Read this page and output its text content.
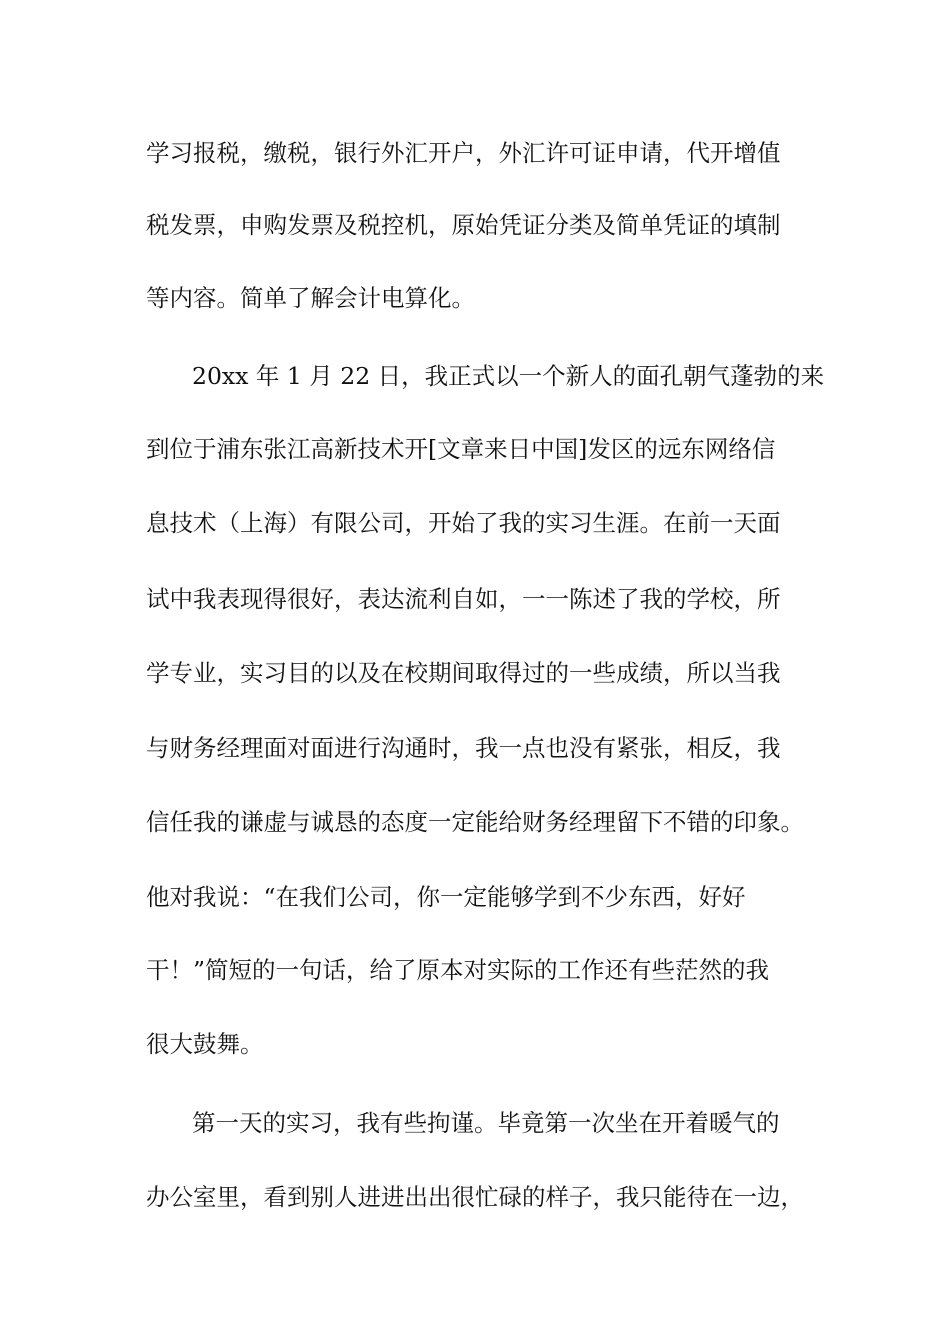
学习报税，缴税，银行外汇开户，外汇许可证申请，代开增值
税发票，申购发票及税控机，原始凭证分类及简单凭证的填制
等内容。简单了解会计电算化。
20xx 年 1 月 22 日，我正式以一个新人的面孔朝气蓬勃的来
到位于浦东张江高新技术开[文章来日中国]发区的远东网络信
息技术（上海）有限公司，开始了我的实习生涯。在前一天面
试中我表现得很好，表达流利自如，一一陈述了我的学校，所
学专业，实习目的以及在校期间取得过的一些成绩，所以当我
与财务经理面对面进行沟通时，我一点也没有紧张，相反，我
信任我的谦虚与诚恳的态度一定能给财务经理留下不错的印象。
他对我说：“在我们公司，你一定能够学到不少东西，好好
干！”简短的一句话，给了原本对实际的工作还有些茫然的我
很大鼓舞。
第一天的实习，我有些拘谨。毕竟第一次坐在开着暖气的
办公室里，看到别人进进出出很忙碌的样子，我只能待在一边，
